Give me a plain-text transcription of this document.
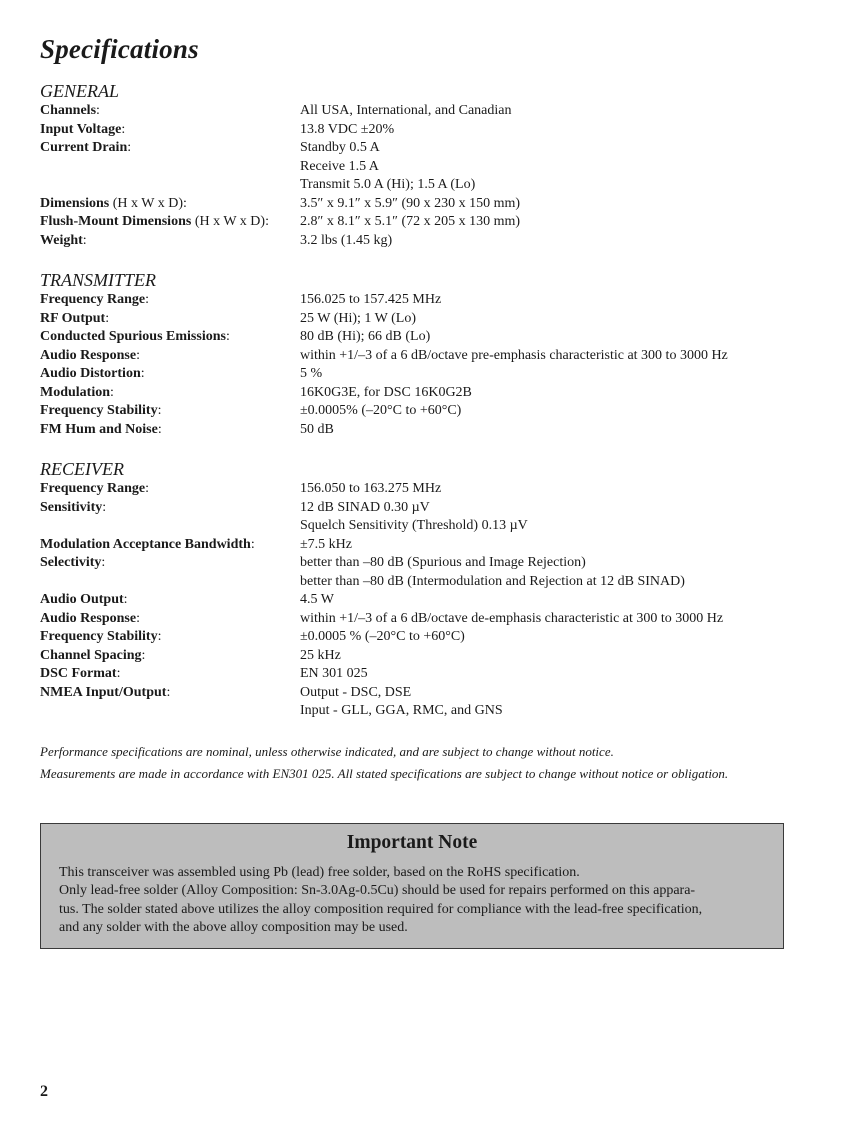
Specifications
GENERAL
Channels:	All USA, International, and Canadian
Input Voltage:	13.8 VDC ±20%
Current Drain:	Standby 0.5 A
Receive 1.5 A
Transmit 5.0 A (Hi); 1.5 A (Lo)
Dimensions (H x W x D):	3.5″ x 9.1″ x 5.9″ (90 x 230 x 150 mm)
Flush-Mount Dimensions (H x W x D):	2.8″ x 8.1″ x 5.1″ (72 x 205 x 130 mm)
Weight:	3.2 lbs (1.45 kg)
TRANSMITTER
Frequency Range:	156.025 to 157.425 MHz
RF Output:	25 W (Hi); 1 W (Lo)
Conducted Spurious Emissions:	80 dB (Hi); 66 dB (Lo)
Audio Response:	within +1/–3 of a 6 dB/octave pre-emphasis characteristic at 300 to 3000 Hz
Audio Distortion:	5 %
Modulation:	16K0G3E, for DSC 16K0G2B
Frequency Stability:	±0.0005% (–20°C to +60°C)
FM Hum and Noise:	50 dB
RECEIVER
Frequency Range:	156.050 to 163.275 MHz
Sensitivity:	12 dB SINAD 0.30 µV
Squelch Sensitivity (Threshold) 0.13 µV
Modulation Acceptance Bandwidth:	±7.5 kHz
Selectivity:	better than –80 dB (Spurious and Image Rejection)
better than –80 dB (Intermodulation and Rejection at 12 dB SINAD)
Audio Output:	4.5 W
Audio Response:	within +1/–3 of a 6 dB/octave de-emphasis characteristic at 300 to 3000 Hz
Frequency Stability:	±0.0005 % (–20°C to +60°C)
Channel Spacing:	25 kHz
DSC Format:	EN 301 025
NMEA Input/Output:	Output - DSC, DSE
Input - GLL, GGA, RMC, and GNS
Performance specifications are nominal, unless otherwise indicated, and are subject to change without notice.
Measurements are made in accordance with EN301 025. All stated specifications are subject to change without notice or obligation.
Important Note
This transceiver was assembled using Pb (lead) free solder, based on the RoHS specification.
Only lead-free solder (Alloy Composition: Sn-3.0Ag-0.5Cu) should be used for repairs performed on this appara-
tus. The solder stated above utilizes the alloy composition required for compliance with the lead-free specification,
and any solder with the above alloy composition may be used.
2
